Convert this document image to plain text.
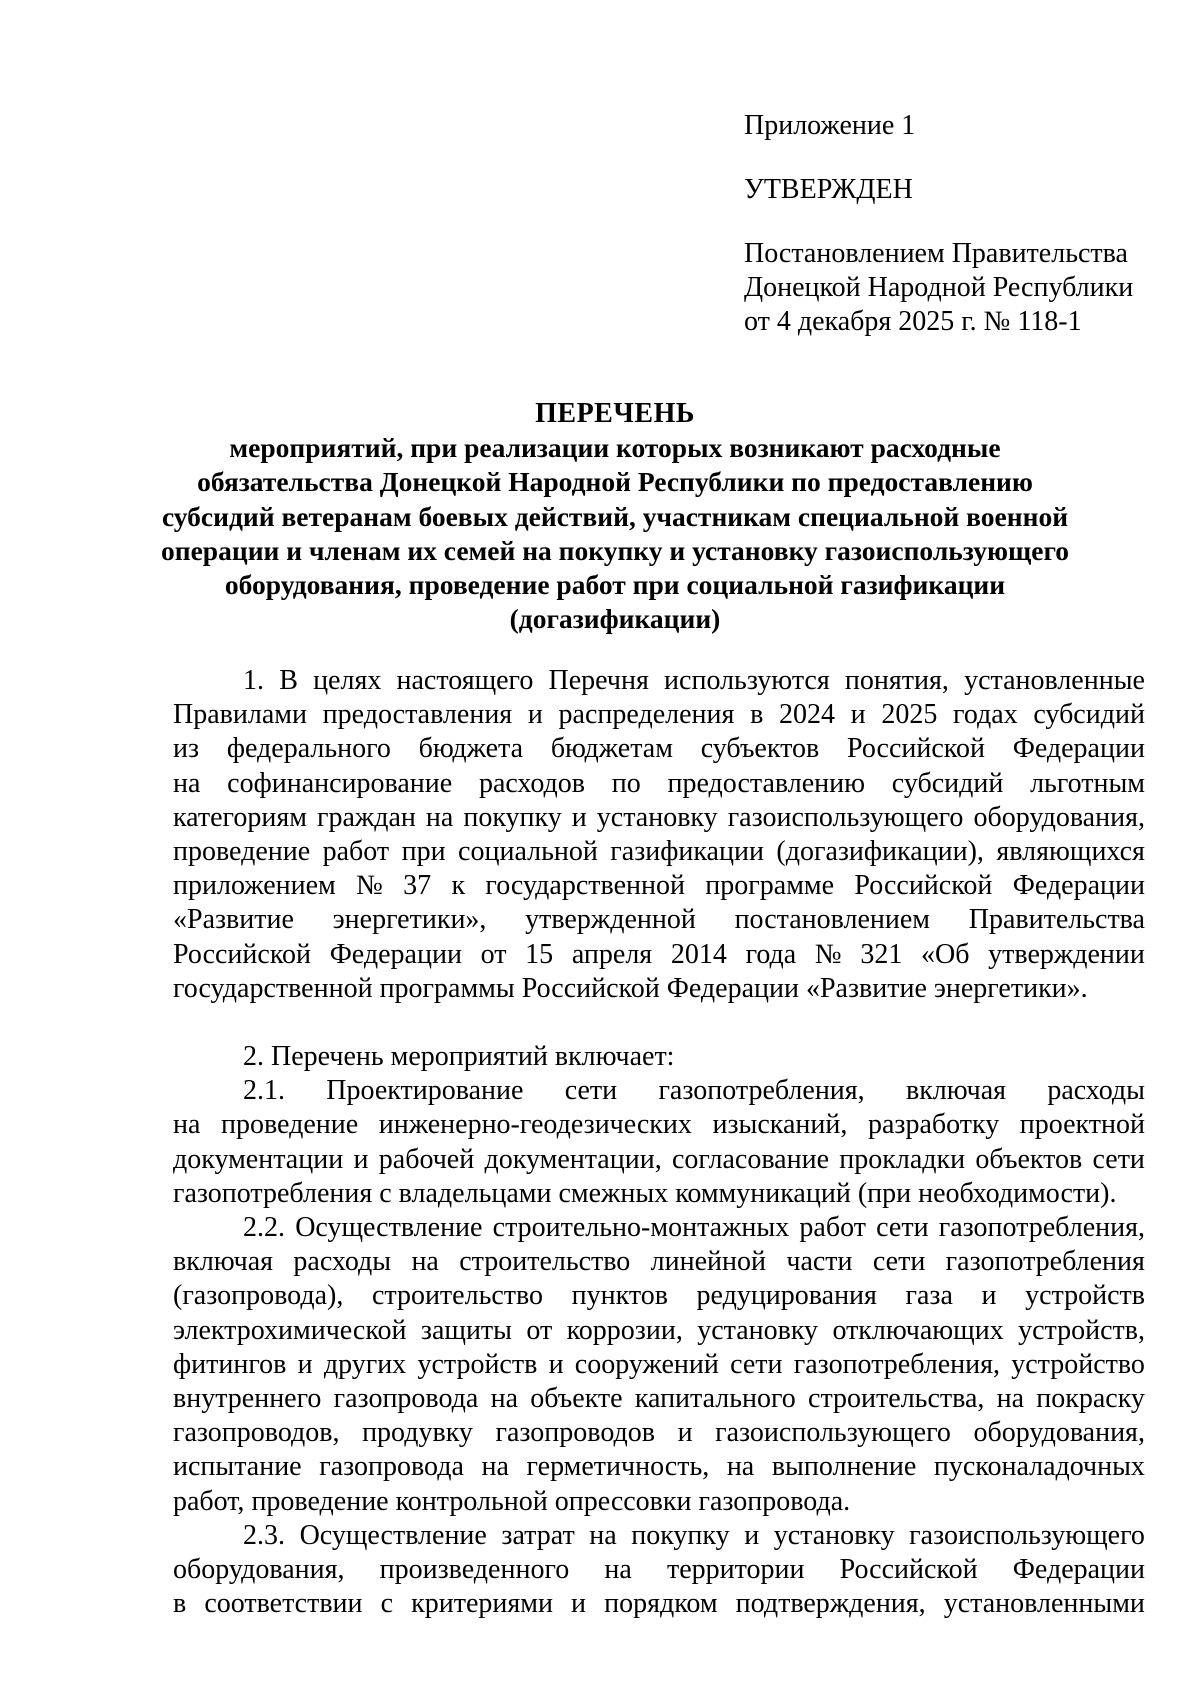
Приложение 1
УТВЕРЖДЕН
Постановлением Правительства
Донецкой Народной Республики
от 4 декабря 2025 г. № 118-1
ПЕРЕЧЕНЬ
мероприятий, при реализации которых возникают расходные
обязательства Донецкой Народной Республики по предоставлению
субсидий ветеранам боевых действий, участникам специальной военной
операции и членам их семей на покупку и установку газоиспользующего
оборудования, проведение работ при социальной газификации
(догазификации)
1. В целях настоящего Перечня используются понятия, установленные
Правилами предоставления и распределения в 2024 и 2025 годах субсидий
из федерального бюджета бюджетам субъектов Российской Федерации
на софинансирование расходов по предоставлению субсидий льготным
категориям граждан на покупку и установку газоиспользующего оборудования,
проведение работ при социальной газификации (догазификации), являющихся
приложением № 37 к государственной программе Российской Федерации
«Развитие энергетики», утвержденной постановлением Правительства
Российской Федерации от 15 апреля 2014 года № 321 «Об утверждении
государственной программы Российской Федерации «Развитие энергетики».
2. Перечень мероприятий включает:
2.1. Проектирование сети газопотребления, включая расходы
на проведение инженерно-геодезических изысканий, разработку проектной
документации и рабочей документации, согласование прокладки объектов сети
газопотребления с владельцами смежных коммуникаций (при необходимости).
2.2. Осуществление строительно-монтажных работ сети газопотребления,
включая расходы на строительство линейной части сети газопотребления
(газопровода), строительство пунктов редуцирования газа и устройств
электрохимической защиты от коррозии, установку отключающих устройств,
фитингов и других устройств и сооружений сети газопотребления, устройство
внутреннего газопровода на объекте капитального строительства, на покраску
газопроводов, продувку газопроводов и газоиспользующего оборудования,
испытание газопровода на герметичность, на выполнение пусконаладочных
работ, проведение контрольной опрессовки газопровода.
2.3. Осуществление затрат на покупку и установку газоиспользующего
оборудования, произведенного на территории Российской Федерации
в соответствии с критериями и порядком подтверждения, установленными
